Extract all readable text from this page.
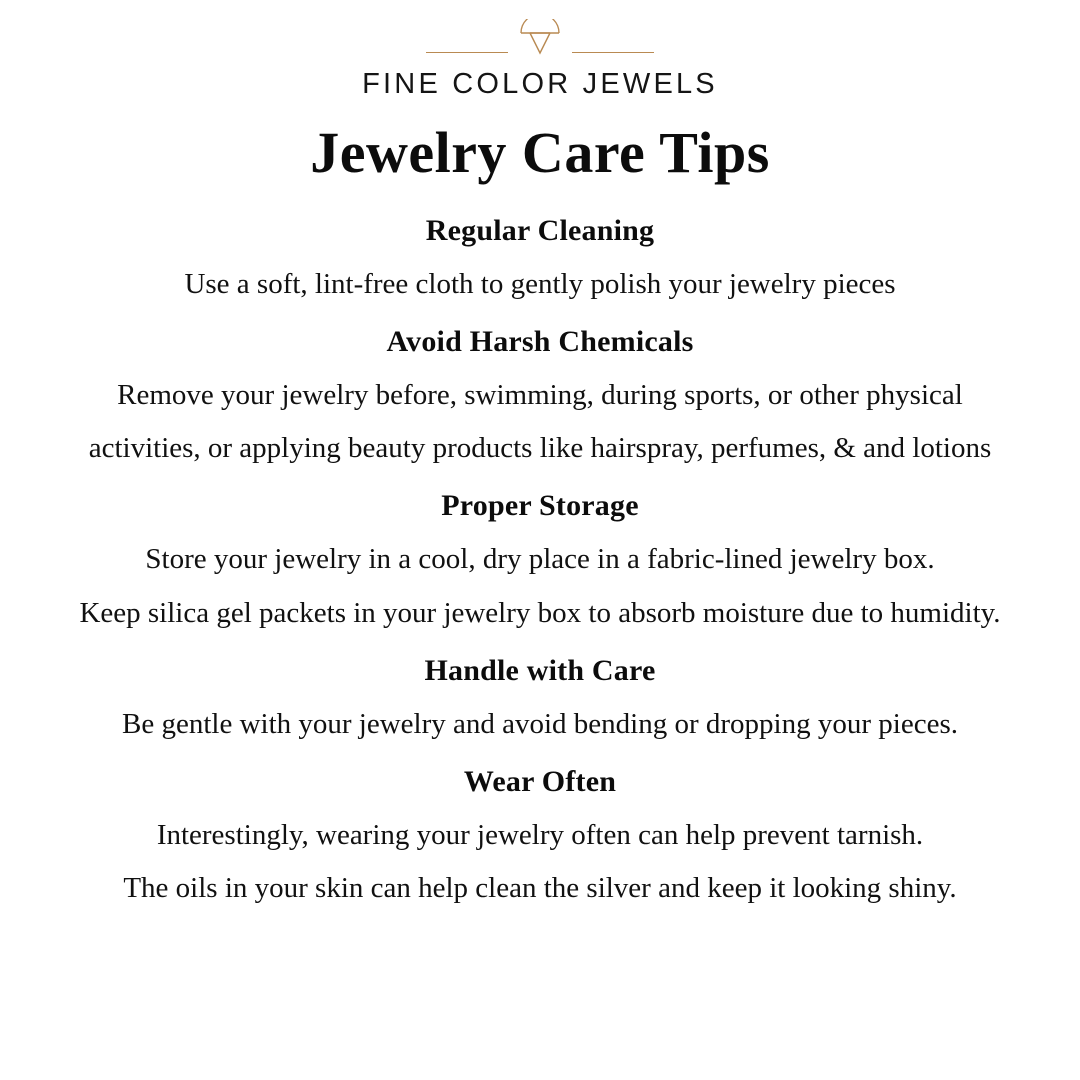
FINE COLOR JEWELS
Jewelry Care Tips
Regular Cleaning

Use a soft, lint-free cloth to gently polish your jewelry pieces

Avoid Harsh Chemicals

Remove your jewelry before, swimming, during sports, or other physical

activities, or applying beauty products like hairspray, perfumes, & and lotions

Proper Storage

Store your jewelry in a cool, dry place in a fabric-lined jewelry box.

Keep silica gel packets in your jewelry box to absorb moisture due to humidity.

Handle with Care

Be gentle with your jewelry and avoid bending or dropping your pieces.

Wear Often

Interestingly, wearing your jewelry often can help prevent tarnish.

The oils in your skin can help clean the silver and keep it looking shiny.
